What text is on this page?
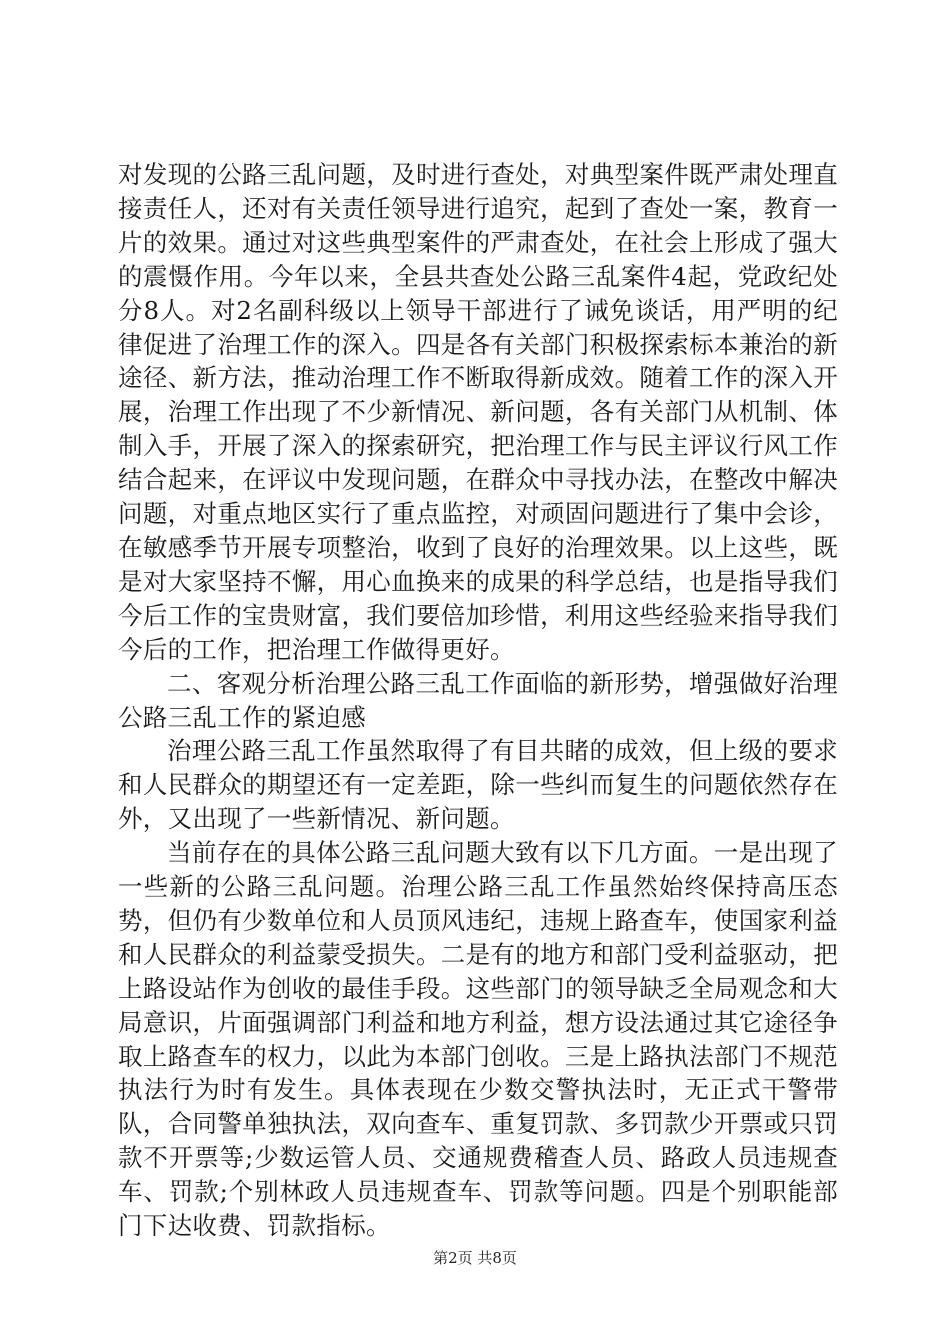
对发现的公路三乱问题，及时进行查处，对典型案件既严肃处理直接责任人，还对有关责任领导进行追究，起到了查处一案，教育一片的效果。通过对这些典型案件的严肃查处，在社会上形成了强大的震慑作用。今年以来，全县共查处公路三乱案件4起，党政纪处分8人。对2名副科级以上领导干部进行了诫免谈话，用严明的纪律促进了治理工作的深入。四是各有关部门积极探索标本兼治的新途径、新方法，推动治理工作不断取得新成效。随着工作的深入开展，治理工作出现了不少新情况、新问题，各有关部门从机制、体制入手，开展了深入的探索研究，把治理工作与民主评议行风工作结合起来，在评议中发现问题，在群众中寻找办法，在整改中解决问题，对重点地区实行了重点监控，对顽固问题进行了集中会诊，在敏感季节开展专项整治，收到了良好的治理效果。以上这些，既是对大家坚持不懈，用心血换来的成果的科学总结，也是指导我们今后工作的宝贵财富，我们要倍加珍惜，利用这些经验来指导我们今后的工作，把治理工作做得更好。

二、客观分析治理公路三乱工作面临的新形势，增强做好治理公路三乱工作的紧迫感

治理公路三乱工作虽然取得了有目共睹的成效，但上级的要求和人民群众的期望还有一定差距，除一些纠而复生的问题依然存在外，又出现了一些新情况、新问题。

当前存在的具体公路三乱问题大致有以下几方面。一是出现了一些新的公路三乱问题。治理公路三乱工作虽然始终保持高压态势，但仍有少数单位和人员顶风违纪，违规上路查车，使国家利益和人民群众的利益蒙受损失。二是有的地方和部门受利益驱动，把上路设站作为创收的最佳手段。这些部门的领导缺乏全局观念和大局意识，片面强调部门利益和地方利益，想方设法通过其它途径争取上路查车的权力，以此为本部门创收。三是上路执法部门不规范执法行为时有发生。具体表现在少数交警执法时，无正式干警带队，合同警单独执法，双向查车、重复罚款、多罚款少开票或只罚款不开票等;少数运管人员、交通规费稽查人员、路政人员违规查车、罚款;个别林政人员违规查车、罚款等问题。四是个别职能部门下达收费、罚款指标。

第2页 共8页
